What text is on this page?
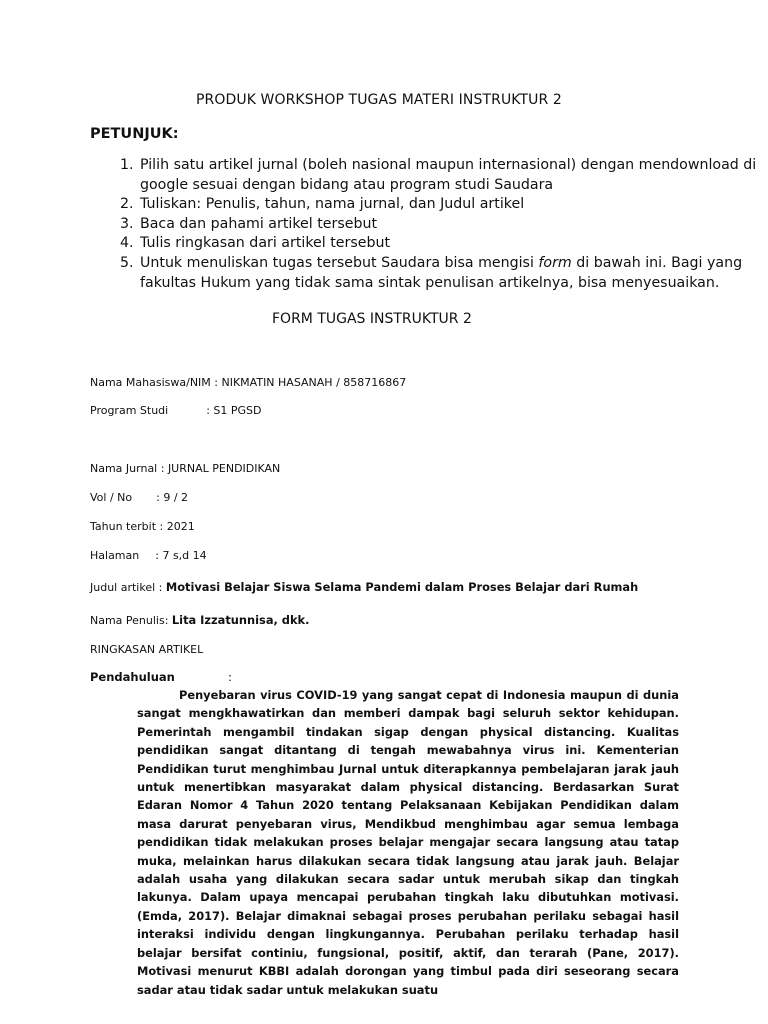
PRODUK WORKSHOP TUGAS MATERI INSTRUKTUR 2

PETUNJUK:

1. Pilih satu artikel jurnal (boleh nasional maupun internasional) dengan mendownload di google sesuai dengan bidang atau program studi Saudara
2. Tuliskan: Penulis, tahun, nama jurnal, dan Judul artikel
3. Baca dan pahami artikel tersebut
4. Tulis ringkasan dari artikel tersebut
5. Untuk menuliskan tugas tersebut Saudara bisa mengisi form di bawah ini. Bagi yang fakultas Hukum yang tidak sama sintak penulisan artikelnya, bisa menyesuaikan.

FORM TUGAS INSTRUKTUR 2

Nama Mahasiswa/NIM : NIKMATIN HASANAH / 858716867

Program Studi	: S1 PGSD

Nama Jurnal : JURNAL PENDIDIKAN

Vol / No : 9 / 2

Tahun terbit : 2021

Halaman : 7 s,d 14

Judul artikel : Motivasi Belajar Siswa Selama Pandemi dalam Proses Belajar dari Rumah

Nama Penulis: Lita Izzatunnisa, dkk.

RINGKASAN ARTIKEL

Pendahuluan	:

Penyebaran virus COVID-19 yang sangat cepat di Indonesia maupun di dunia sangat mengkhawatirkan dan memberi dampak bagi seluruh sektor kehidupan. Pemerintah mengambil tindakan sigap dengan physical distancing. Kualitas pendidikan sangat ditantang di tengah mewabahnya virus ini. Kementerian Pendidikan turut menghimbau Jurnal untuk diterapkannya pembelajaran jarak jauh untuk menertibkan masyarakat dalam physical distancing. Berdasarkan Surat Edaran Nomor 4 Tahun 2020 tentang Pelaksanaan Kebijakan Pendidikan dalam masa darurat penyebaran virus, Mendikbud menghimbau agar semua lembaga pendidikan tidak melakukan proses belajar mengajar secara langsung atau tatap muka, melainkan harus dilakukan secara tidak langsung atau jarak jauh. Belajar adalah usaha yang dilakukan secara sadar untuk merubah sikap dan tingkah lakunya. Dalam upaya mencapai perubahan tingkah laku dibutuhkan motivasi. (Emda, 2017). Belajar dimaknai sebagai proses perubahan perilaku sebagai hasil interaksi individu dengan lingkungannya. Perubahan perilaku terhadap hasil belajar bersifat continiu, fungsional, positif, aktif, dan terarah (Pane, 2017). Motivasi menurut KBBI adalah dorongan yang timbul pada diri seseorang secara sadar atau tidak sadar untuk melakukan suatu
